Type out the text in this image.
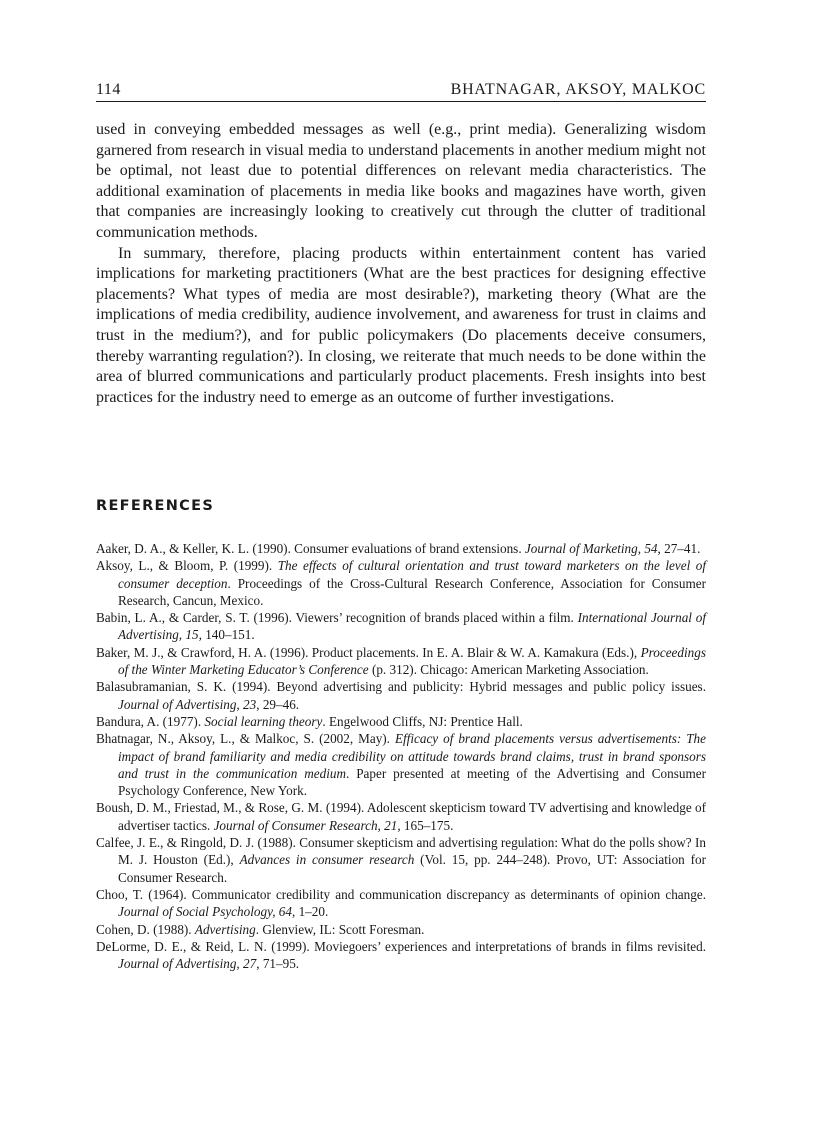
114	BHATNAGAR, AKSOY, MALKOC

used in conveying embedded messages as well (e.g., print media). Generalizing wisdom garnered from research in visual media to understand placements in another medium might not be optimal, not least due to potential differences on relevant media characteristics. The additional examination of placements in media like books and magazines have worth, given that companies are increasingly looking to creatively cut through the clutter of traditional communication methods.

In summary, therefore, placing products within entertainment content has varied implications for marketing practitioners (What are the best practices for designing effective placements? What types of media are most desirable?), marketing theory (What are the implications of media credibility, audience involvement, and awareness for trust in claims and trust in the medium?), and for public policymakers (Do placements deceive consumers, thereby warranting regulation?). In closing, we reiterate that much needs to be done within the area of blurred communications and particularly product placements. Fresh insights into best practices for the industry need to emerge as an outcome of further investigations.

REFERENCES
Aaker, D. A., & Keller, K. L. (1990). Consumer evaluations of brand extensions. Journal of Marketing, 54, 27–41.
Aksoy, L., & Bloom, P. (1999). The effects of cultural orientation and trust toward marketers on the level of consumer deception. Proceedings of the Cross-Cultural Research Conference, Association for Consumer Research, Cancun, Mexico.
Babin, L. A., & Carder, S. T. (1996). Viewers’ recognition of brands placed within a film. International Journal of Advertising, 15, 140–151.
Baker, M. J., & Crawford, H. A. (1996). Product placements. In E. A. Blair & W. A. Kamakura (Eds.), Proceedings of the Winter Marketing Educator’s Conference (p. 312). Chicago: American Marketing Association.
Balasubramanian, S. K. (1994). Beyond advertising and publicity: Hybrid messages and public policy issues. Journal of Advertising, 23, 29–46.
Bandura, A. (1977). Social learning theory. Engelwood Cliffs, NJ: Prentice Hall.
Bhatnagar, N., Aksoy, L., & Malkoc, S. (2002, May). Efficacy of brand placements versus advertisements: The impact of brand familiarity and media credibility on attitude towards brand claims, trust in brand sponsors and trust in the communication medium. Paper presented at meeting of the Advertising and Consumer Psychology Conference, New York.
Boush, D. M., Friestad, M., & Rose, G. M. (1994). Adolescent skepticism toward TV advertising and knowledge of advertiser tactics. Journal of Consumer Research, 21, 165–175.
Calfee, J. E., & Ringold, D. J. (1988). Consumer skepticism and advertising regulation: What do the polls show? In M. J. Houston (Ed.), Advances in consumer research (Vol. 15, pp. 244–248). Provo, UT: Association for Consumer Research.
Choo, T. (1964). Communicator credibility and communication discrepancy as determinants of opinion change. Journal of Social Psychology, 64, 1–20.
Cohen, D. (1988). Advertising. Glenview, IL: Scott Foresman.
DeLorme, D. E., & Reid, L. N. (1999). Moviegoers’ experiences and interpretations of brands in films revisited. Journal of Advertising, 27, 71–95.
